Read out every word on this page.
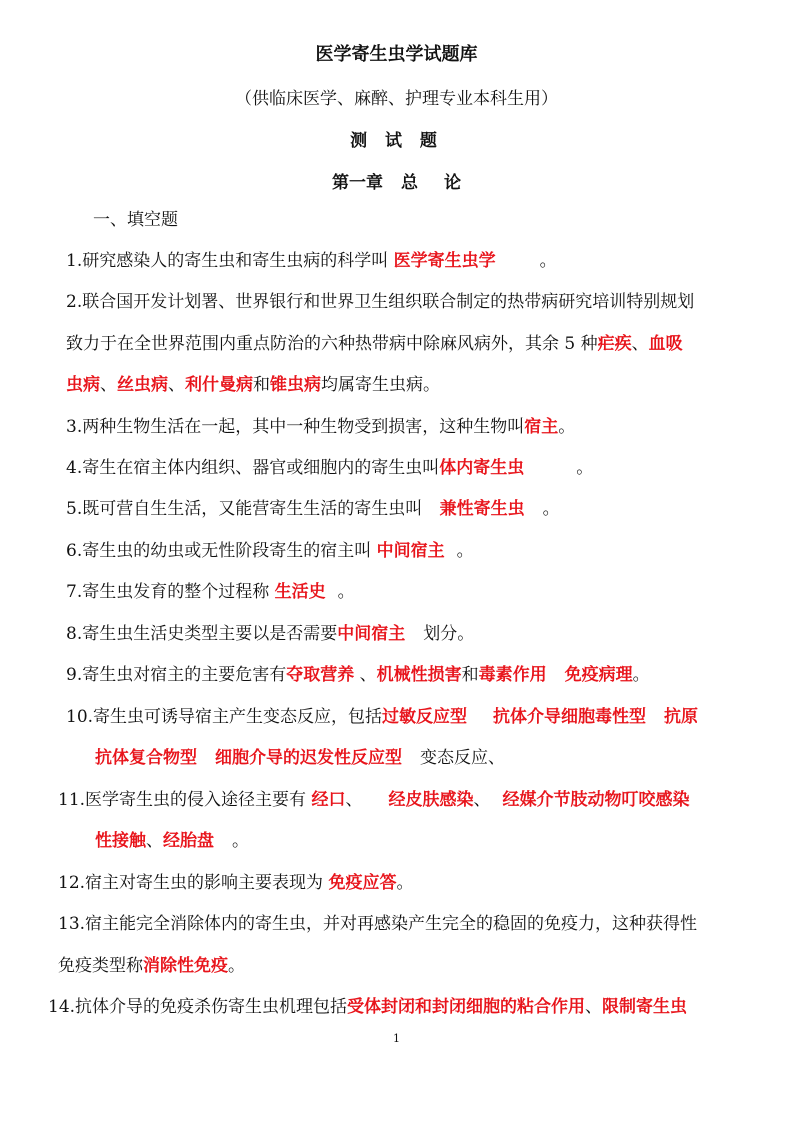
医学寄生虫学试题库
（供临床医学、麻醉、护理专业本科生用）
测 试 题
第一章 总 论
一、填空题
1.研究感染人的寄生虫和寄生虫病的科学叫 医学寄生虫学	。
2.联合国开发计划署、世界银行和世界卫生组织联合制定的热带病研究培训特别规划
致力于在全世界范围内重点防治的六种热带病中除麻风病外，其余 5 种疟疾、血吸
虫病、丝虫病、利什曼病和锥虫病均属寄生虫病。
3.两种生物生活在一起，其中一种生物受到损害，这种生物叫宿主。
4.寄生在宿主体内组织、器官或细胞内的寄生虫叫体内寄生虫	。
5.既可营自生生活，又能营寄生生活的寄生虫叫 兼性寄生虫 。
6.寄生虫的幼虫或无性阶段寄生的宿主叫 中间宿主 。
7.寄生虫发育的整个过程称 生活史 。
8.寄生虫生活史类型主要以是否需要中间宿主 划分。
9.寄生虫对宿主的主要危害有夺取营养 、机械性损害和毒素作用 免疫病理。
10.寄生虫可诱导宿主产生变态反应，包括过敏反应型 抗体介导细胞毒性型 抗原
抗体复合物型 细胞介导的迟发性反应型 变态反应、
11.医学寄生虫的侵入途径主要有 经口、 经皮肤感染、 经媒介节肢动物叮咬感染
性接触、经胎盘 。
12.宿主对寄生虫的影响主要表现为 免疫应答。
13.宿主能完全消除体内的寄生虫，并对再感染产生完全的稳固的免疫力，这种获得性
免疫类型称消除性免疫。
14.抗体介导的免疫杀伤寄生虫机理包括受体封闭和封闭细胞的粘合作用、限制寄生虫
1
